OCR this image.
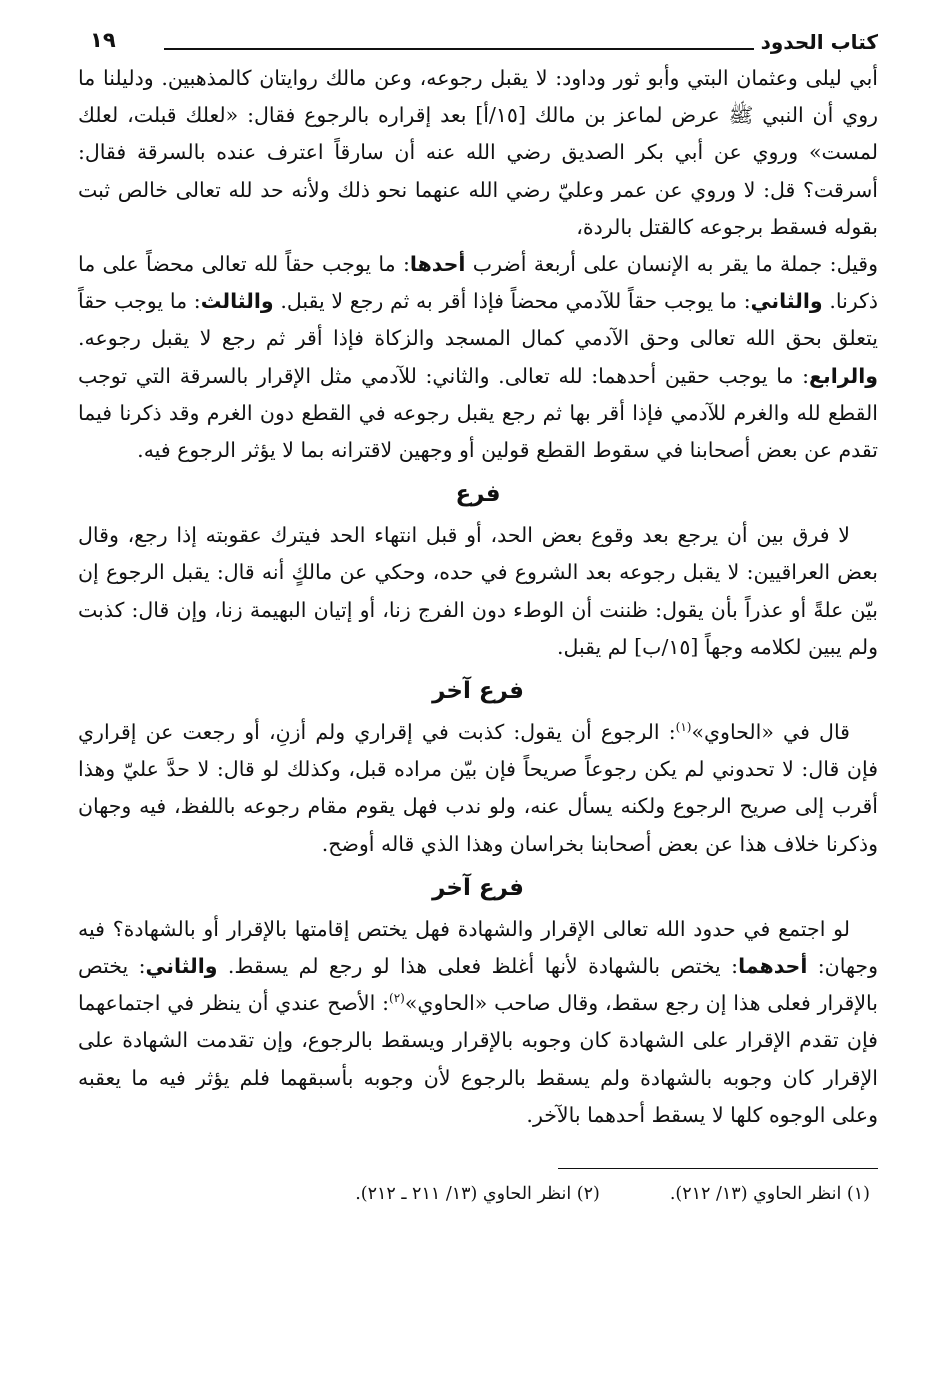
كتاب الحدود
١٩

أبي ليلى وعثمان البتي وأبو ثور وداود: لا يقبل رجوعه، وعن مالك روايتان كالمذهبين. ودليلنا ما روي أن النبي ﷺ عرض لماعز بن مالك [١٥/أ] بعد إقراره بالرجوع فقال: «لعلك قبلت، لعلك لمست» وروي عن أبي بكر الصديق رضي الله عنه أن سارقاً اعترف عنده بالسرقة فقال: أسرقت؟ قل: لا وروي عن عمر وعليّ رضي الله عنهما نحو ذلك ولأنه حد لله تعالى خالص ثبت بقوله فسقط برجوعه كالقتل بالردة،

وقيل: جملة ما يقر به الإنسان على أربعة أضرب أحدها: ما يوجب حقاً لله تعالى محضاً على ما ذكرنا. والثاني: ما يوجب حقاً للآدمي محضاً فإذا أقر به ثم رجع لا يقبل. والثالث: ما يوجب حقاً يتعلق بحق الله تعالى وحق الآدمي كمال المسجد والزكاة فإذا أقر ثم رجع لا يقبل رجوعه. والرابع: ما يوجب حقين أحدهما: لله تعالى. والثاني: للآدمي مثل الإقرار بالسرقة التي توجب القطع لله والغرم للآدمي فإذا أقر بها ثم رجع يقبل رجوعه في القطع دون الغرم وقد ذكرنا فيما تقدم عن بعض أصحابنا في سقوط القطع قولين أو وجهين لاقترانه بما لا يؤثر الرجوع فيه.

فرع

لا فرق بين أن يرجع بعد وقوع بعض الحد، أو قبل انتهاء الحد فيترك عقوبته إذا رجع، وقال بعض العراقيين: لا يقبل رجوعه بعد الشروع في حده، وحكي عن مالكٍ أنه قال: يقبل الرجوع إن بيّن علةً أو عذراً بأن يقول: ظننت أن الوطء دون الفرج زنا، أو إتيان البهيمة زنا، وإن قال: كذبت ولم يبين لكلامه وجهاً [١٥/ب] لم يقبل.

فرع آخر

قال في «الحاوي»$^{(١)}$: الرجوع أن يقول: كذبت في إقراري ولم أزنِ، أو رجعت عن إقراري فإن قال: لا تحدوني لم يكن رجوعاً صريحاً فإن بيّن مراده قبل، وكذلك لو قال: لا حدَّ عليّ وهذا أقرب إلى صريح الرجوع ولكنه يسأل عنه، ولو ندب فهل يقوم مقام رجوعه باللفظ، فيه وجهان وذكرنا خلاف هذا عن بعض أصحابنا بخراسان وهذا الذي قاله أوضح.

فرع آخر

لو اجتمع في حدود الله تعالى الإقرار والشهادة فهل يختص إقامتها بالإقرار أو بالشهادة؟ فيه وجهان: أحدهما: يختص بالشهادة لأنها أغلظ فعلى هذا لو رجع لم يسقط. والثاني: يختص بالإقرار فعلى هذا إن رجع سقط، وقال صاحب «الحاوي»$^{(٢)}$: الأصح عندي أن ينظر في اجتماعهما فإن تقدم الإقرار على الشهادة كان وجوبه بالإقرار ويسقط بالرجوع، وإن تقدمت الشهادة على الإقرار كان وجوبه بالشهادة ولم يسقط بالرجوع لأن وجوبه بأسبقهما فلم يؤثر فيه ما يعقبه وعلى الوجوه كلها لا يسقط أحدهما بالآخر.

(١) انظر الحاوي (١٣/ ٢١٢).
(٢) انظر الحاوي (١٣/ ٢١١ ـ ٢١٢).
